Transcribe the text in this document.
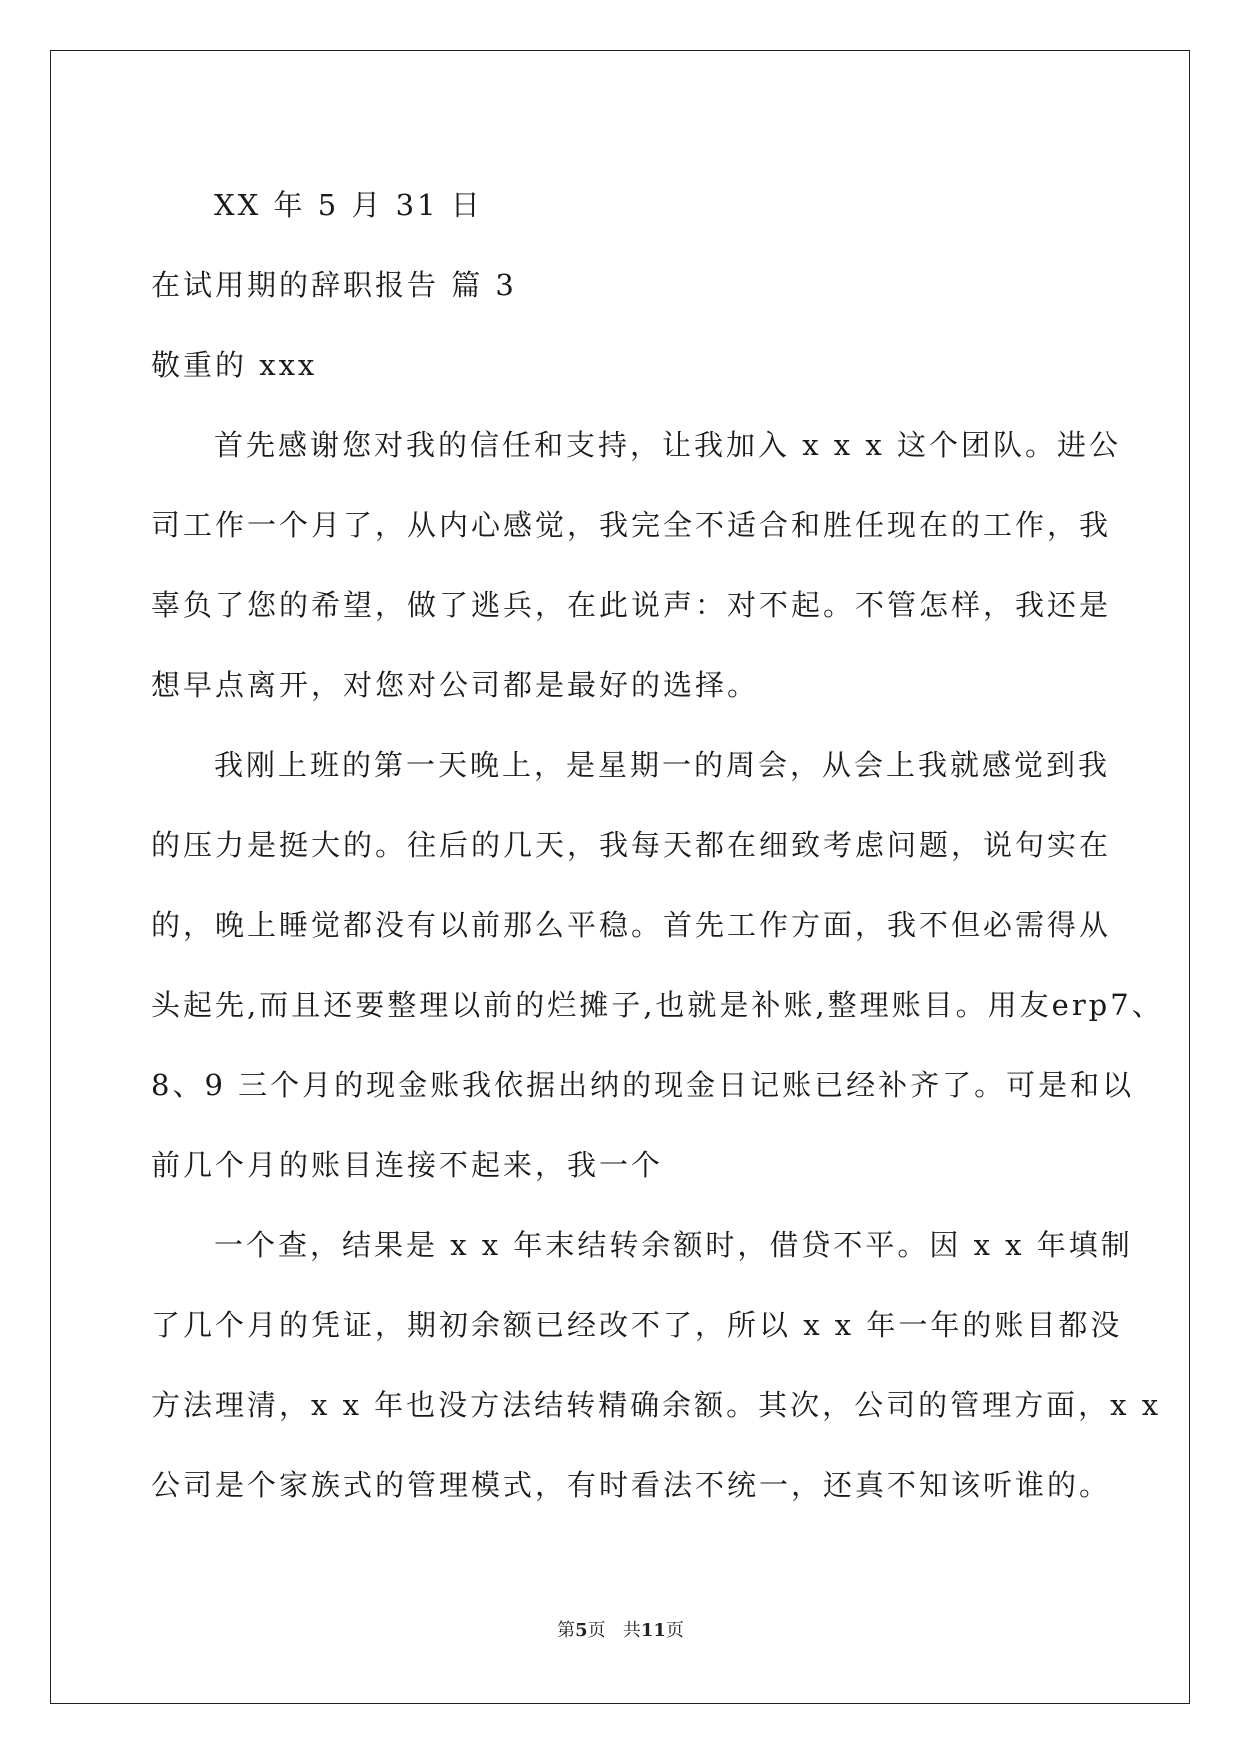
XX 年 5 月 31 日
在试用期的辞职报告 篇 3
敬重的 xxx
首先感谢您对我的信任和支持，让我加入 x x x 这个团队。进公
司工作一个月了，从内心感觉，我完全不适合和胜任现在的工作，我
辜负了您的希望，做了逃兵，在此说声：对不起。不管怎样，我还是
想早点离开，对您对公司都是最好的选择。
我刚上班的第一天晚上，是星期一的周会，从会上我就感觉到我
的压力是挺大的。往后的几天，我每天都在细致考虑问题，说句实在
的，晚上睡觉都没有以前那么平稳。首先工作方面，我不但必需得从
头起先,而且还要整理以前的烂摊子,也就是补账,整理账目。用友erp7、
8、9 三个月的现金账我依据出纳的现金日记账已经补齐了。可是和以
前几个月的账目连接不起来，我一个
一个查，结果是 x x 年末结转余额时，借贷不平。因 x x 年填制
了几个月的凭证，期初余额已经改不了，所以 x x 年一年的账目都没
方法理清，x x 年也没方法结转精确余额。其次，公司的管理方面，x x
公司是个家族式的管理模式，有时看法不统一，还真不知该听谁的。
第5页 共11页
